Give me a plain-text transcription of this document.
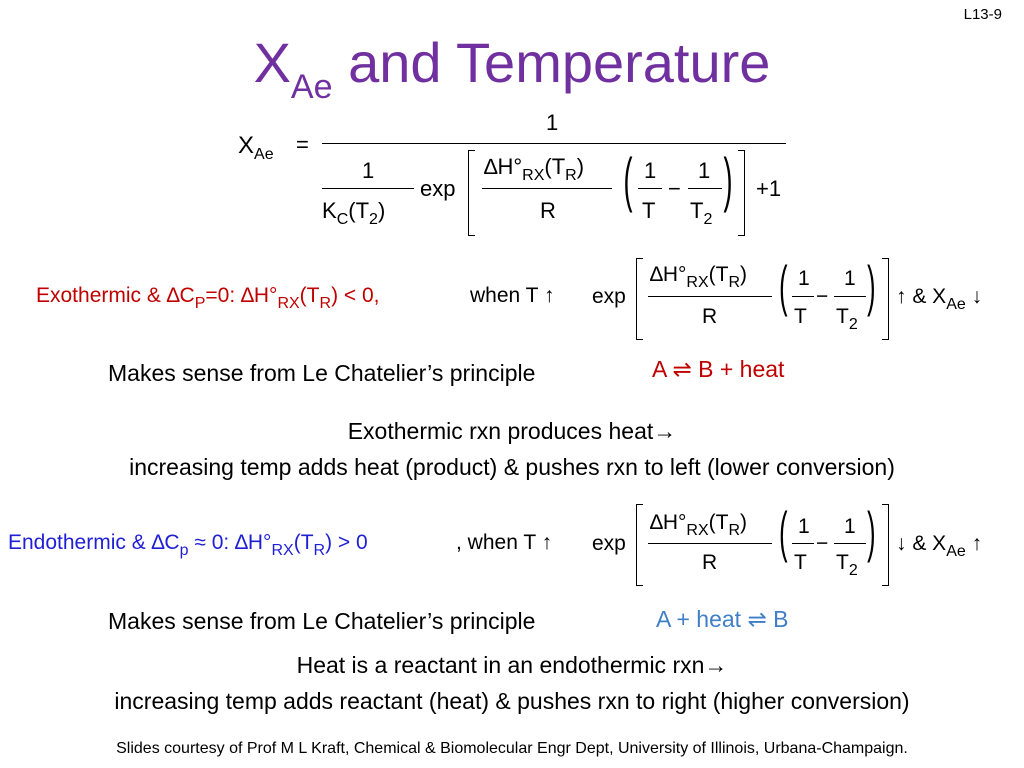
L13-9
$X_{Ae}$ and Temperature
$X_{Ae}$ =
1
1
$K_C(T_2)$
exp
$\Delta H^\circ_{RX}(T_R)$
R ( 1
T
−
1
$T_2$
) +1
Exothermic & $\Delta C_P=0$: $\Delta H^\circ_{RX}(T_R) < 0$,	when T ↑ exp
$\Delta H^\circ_{RX}(T_R)$
R ( 1
T
−
1
$T_2$
) ↑ & $X_{Ae}$ ↓
Makes sense from Le Chatelier’s principle	A ⇌ B + heat
Exothermic rxn produces heat→
increasing temp adds heat (product) & pushes rxn to left (lower conversion)
Endothermic & $\Delta C_p \approx 0$: $\Delta H^\circ_{RX}(T_R) > 0$	, when T ↑ exp
$\Delta H^\circ_{RX}(T_R)$
R ( 1
T
−
1
$T_2$
) ↓ & $X_{Ae}$ ↑
Makes sense from Le Chatelier’s principle	A + heat ⇌ B
Heat is a reactant in an endothermic rxn→
increasing temp adds reactant (heat) & pushes rxn to right (higher conversion)
Slides courtesy of Prof M L Kraft, Chemical & Biomolecular Engr Dept, University of Illinois, Urbana-Champaign.
